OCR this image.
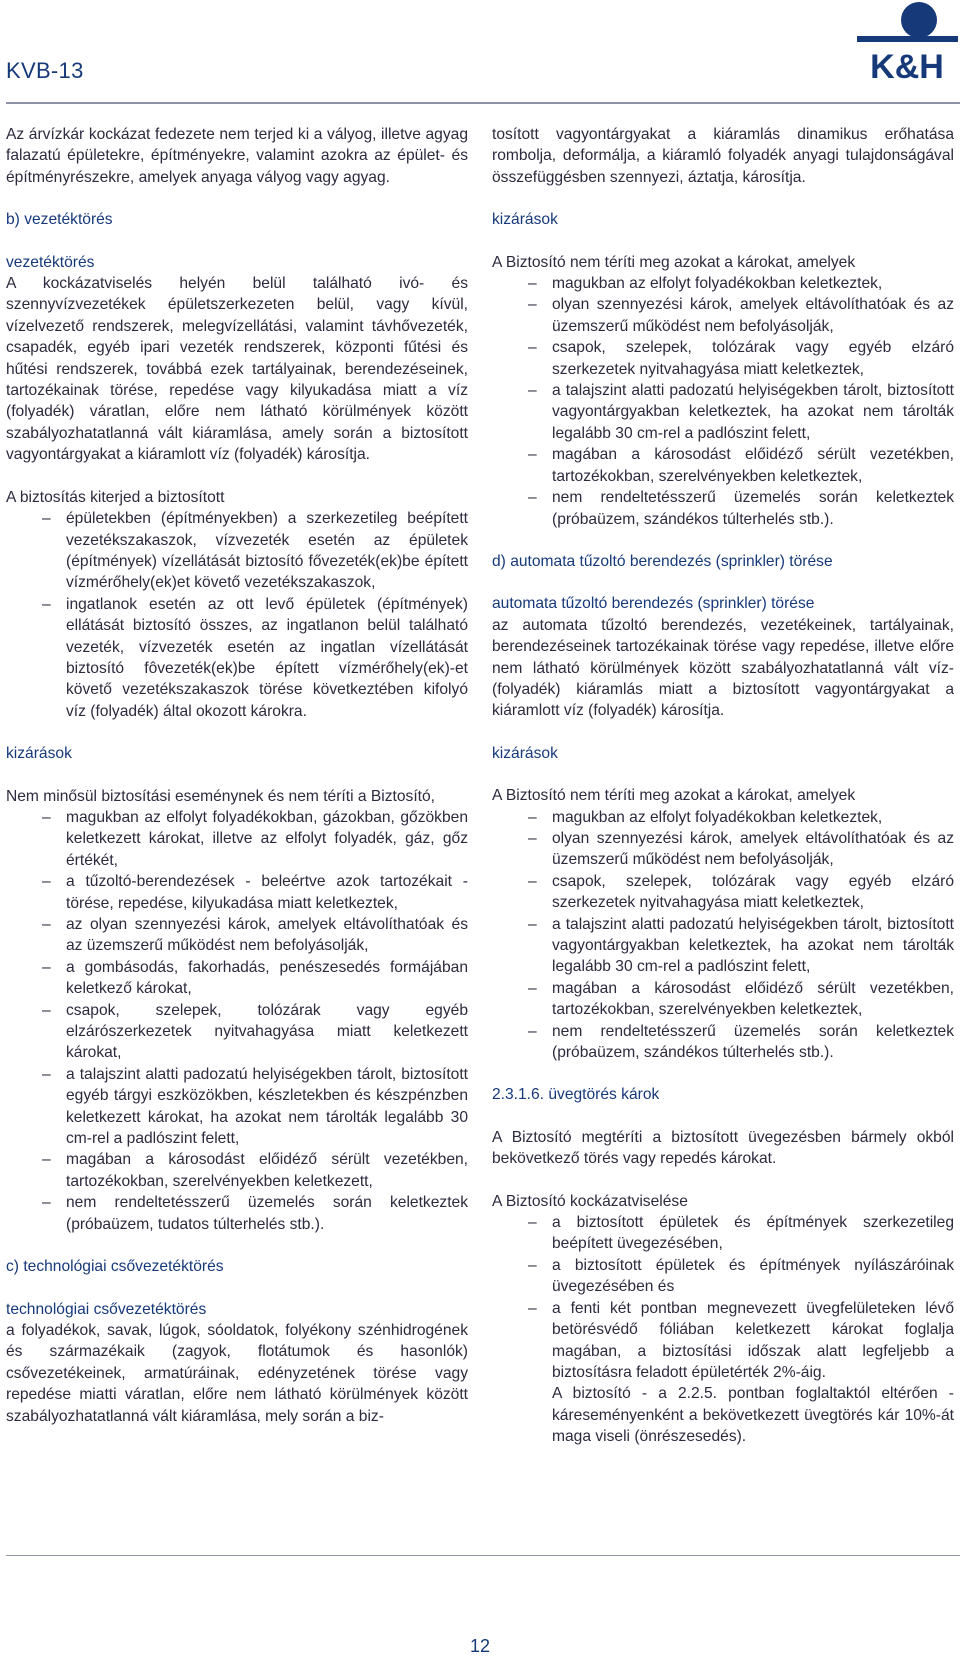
KVB-13	K&H

Az árvízkár kockázat fedezete nem terjed ki a vályog, illetve agyag falazatú épületekre, építményekre, valamint azokra az épület- és építményrészekre, amelyek anyaga vályog vagy agyag.

b) vezetéktörés

vezetéktörés

A kockázatviselés helyén belül található ivó- és szennyvízvezetékek épületszerkezeten belül, vagy kívül, vízelvezető rendszerek, melegvízellátási, valamint távhővezeték, csapadék, egyéb ipari vezeték rendszerek, központi fűtési és hűtési rendszerek, továbbá ezek tartályainak, berendezéseinek, tartozékainak törése, repedése vagy kilyukadása miatt a víz (folyadék) váratlan, előre nem látható körülmények között szabályozhatatlanná vált kiáramlása, amely során a biztosított vagyontárgyakat a kiáramlott víz (folyadék) károsítja.

A biztosítás kiterjed a biztosított

– épületekben (építményekben) a szerkezetileg beépített vezetékszakaszok, vízvezeték esetén az épületek (építmények) vízellátását biztosító fővezeték(ek)be épített vízmérőhely(ek)et követő vezetékszakaszok,
– ingatlanok esetén az ott levő épületek (építmények) ellátását biztosító összes, az ingatlanon belül található vezeték, vízvezeték esetén az ingatlan vízellátását biztosító fôvezeték(ek)be épített vízmérőhely(ek)-et követő vezetékszakaszok törése következtében kifolyó víz (folyadék) által okozott károkra.

kizárások

Nem minősül biztosítási eseménynek és nem téríti a Biztosító,

– magukban az elfolyt folyadékokban, gázokban, gőzökben keletkezett károkat, illetve az elfolyt folyadék, gáz, gőz értékét,
– a tűzoltó-berendezések - beleértve azok tartozékait - törése, repedése, kilyukadása miatt keletkeztek,
– az olyan szennyezési károk, amelyek eltávolíthatóak és az üzemszerű működést nem befolyásolják,
– a gombásodás, fakorhadás, penészesedés formájában keletkező károkat,
– csapok, szelepek, tolózárak vagy egyéb elzárószerkezetek nyitvahagyása miatt keletkezett károkat,
– a talajszint alatti padozatú helyiségekben tárolt, biztosított egyéb tárgyi eszközökben, készletekben és készpénzben keletkezett károkat, ha azokat nem tárolták legalább 30 cm-rel a padlószint felett,
– magában a károsodást előidéző sérült vezetékben, tartozékokban, szerelvényekben keletkezett,
– nem rendeltetésszerű üzemelés során keletkeztek (próbaüzem, tudatos túlterhelés stb.).

c) technológiai csővezetéktörés

technológiai csővezetéktörés

a folyadékok, savak, lúgok, sóoldatok, folyékony szénhidrogének és származékaik (zagyok, flotátumok és hasonlók) csővezetékeinek, armatúráinak, edényzetének törése vagy repedése miatti váratlan, előre nem látható körülmények között szabályozhatatlanná vált kiáramlása, mely során a biz-

tosított vagyontárgyakat a kiáramlás dinamikus erőhatása rombolja, deformálja, a kiáramló folyadék anyagi tulajdonságával összefüggésben szennyezi, áztatja, károsítja.

kizárások

A Biztosító nem téríti meg azokat a károkat, amelyek

– magukban az elfolyt folyadékokban keletkeztek,
– olyan szennyezési károk, amelyek eltávolíthatóak és az üzemszerű működést nem befolyásolják,
– csapok, szelepek, tolózárak vagy egyéb elzáró szerkezetek nyitvahagyása miatt keletkeztek,
– a talajszint alatti padozatú helyiségekben tárolt, biztosított vagyontárgyakban keletkeztek, ha azokat nem tárolták legalább 30 cm-rel a padlószint felett,
– magában a károsodást előidéző sérült vezetékben, tartozékokban, szerelvényekben keletkeztek,
– nem rendeltetésszerű üzemelés során keletkeztek (próbaüzem, szándékos túlterhelés stb.).

d) automata tűzoltó berendezés (sprinkler) törése

automata tűzoltó berendezés (sprinkler) törése

az automata tűzoltó berendezés, vezetékeinek, tartályainak, berendezéseinek tartozékainak törése vagy repedése, illetve előre nem látható körülmények között szabályozhatatlanná vált víz- (folyadék) kiáramlás miatt a biztosított vagyontárgyakat a kiáramlott víz (folyadék) károsítja.

kizárások

A Biztosító nem téríti meg azokat a károkat, amelyek

– magukban az elfolyt folyadékokban keletkeztek,
– olyan szennyezési károk, amelyek eltávolíthatóak és az üzemszerű működést nem befolyásolják,
– csapok, szelepek, tolózárak vagy egyéb elzáró szerkezetek nyitvahagyása miatt keletkeztek,
– a talajszint alatti padozatú helyiségekben tárolt, biztosított vagyontárgyakban keletkeztek, ha azokat nem tárolták legalább 30 cm-rel a padlószint felett,
– magában a károsodást előidéző sérült vezetékben, tartozékokban, szerelvényekben keletkeztek,
– nem rendeltetésszerű üzemelés során keletkeztek (próbaüzem, szándékos túlterhelés stb.).

2.3.1.6. üvegtörés károk

A Biztosító megtéríti a biztosított üvegezésben bármely okból bekövetkező törés vagy repedés károkat.

A Biztosító kockázatviselése

– a biztosított épületek és építmények szerkezetileg beépített üvegezésében,
– a biztosított épületek és építmények nyílászáróinak üvegezésében és
– a fenti két pontban megnevezett üvegfelületeken lévő betörésvédő fóliában keletkezett károkat foglalja magában, a biztosítási időszak alatt legfeljebb a biztosításra feladott épületérték 2%-áig.

A biztosító - a 2.2.5. pontban foglaltaktól eltérően - káreseményenként a bekövetkezett üvegtörés kár 10%-át maga viseli (önrészesedés).

12
